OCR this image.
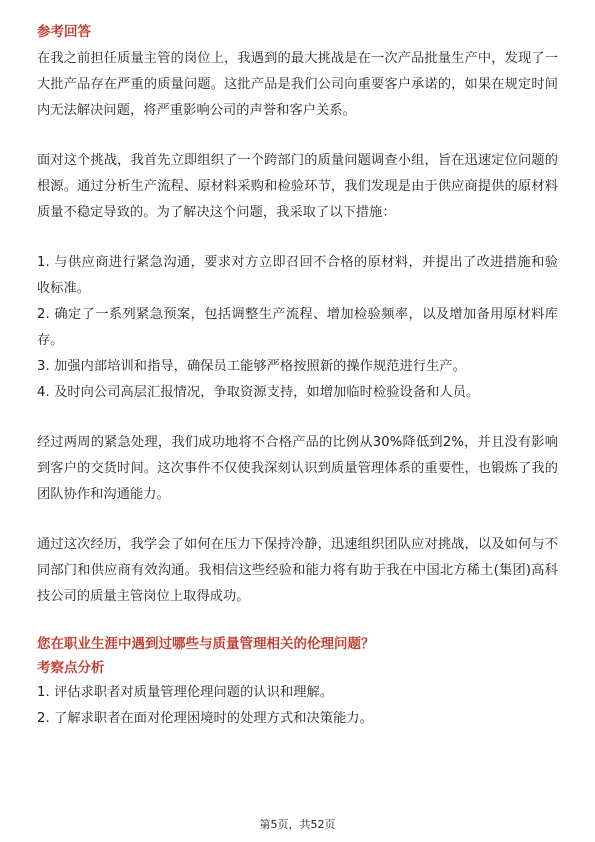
参考回答

在我之前担任质量主管的岗位上，我遇到的最大挑战是在一次产品批量生产中，发现了一大批产品存在严重的质量问题。这批产品是我们公司向重要客户承诺的，如果在规定时间内无法解决问题，将严重影响公司的声誉和客户关系。

面对这个挑战，我首先立即组织了一个跨部门的质量问题调查小组，旨在迅速定位问题的根源。通过分析生产流程、原材料采购和检验环节，我们发现是由于供应商提供的原材料质量不稳定导致的。为了解决这个问题，我采取了以下措施：

1. 与供应商进行紧急沟通，要求对方立即召回不合格的原材料，并提出了改进措施和验收标准。

2. 确定了一系列紧急预案，包括调整生产流程、增加检验频率，以及增加备用原材料库存。

3. 加强内部培训和指导，确保员工能够严格按照新的操作规范进行生产。

4. 及时向公司高层汇报情况，争取资源支持，如增加临时检验设备和人员。

经过两周的紧急处理，我们成功地将不合格产品的比例从30%降低到2%，并且没有影响到客户的交货时间。这次事件不仅使我深刻认识到质量管理体系的重要性，也锻炼了我的团队协作和沟通能力。

通过这次经历，我学会了如何在压力下保持冷静，迅速组织团队应对挑战，以及如何与不同部门和供应商有效沟通。我相信这些经验和能力将有助于我在中国北方稀土(集团)高科技公司的质量主管岗位上取得成功。

您在职业生涯中遇到过哪些与质量管理相关的伦理问题？

考察点分析

1. 评估求职者对质量管理伦理问题的认识和理解。

2. 了解求职者在面对伦理困境时的处理方式和决策能力。

第5页，共52页
